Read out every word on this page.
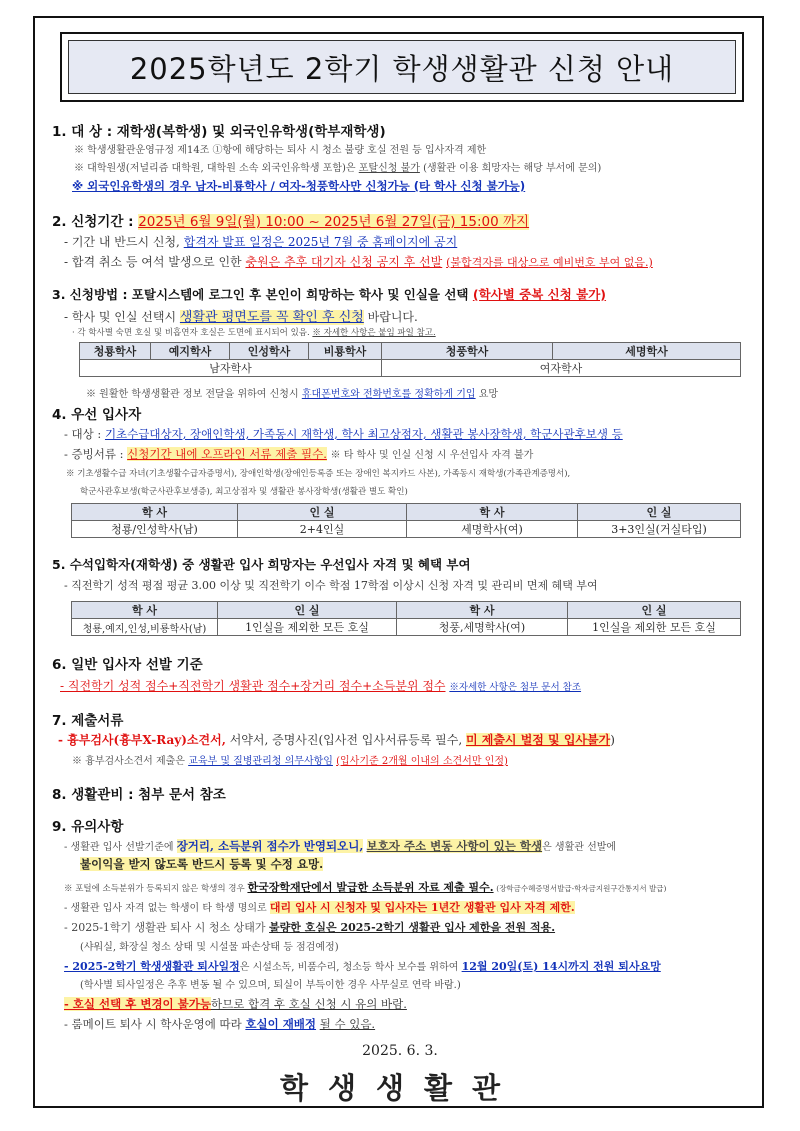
2025학년도 2학기 학생생활관 신청 안내
1. 대 상 : 재학생(복학생) 및 외국인유학생(학부재학생)
※ 학생생활관운영규정 제14조 ①항에 해당하는 퇴사 시 청소 불량 호실 전원 등 입사자격 제한
※ 대학원생(저널리즘 대학원, 대학원 소속 외국인유학생 포함)은 포탈신청 불가 (생활관 이용 희망자는 해당 부서에 문의)
※ 외국인유학생의 경우 남자-비룡학사 / 여자-청풍학사만 신청가능 (타 학사 신청 불가능)
2. 신청기간 : 2025년 6월 9일(월) 10:00 ~ 2025년 6월 27일(금) 15:00 까지
- 기간 내 반드시 신청, 합격자 발표 일정은 2025년 7월 중 홈페이지에 공지
- 합격 취소 등 여석 발생으로 인한 충원은 추후 대기자 신청 공지 후 선발 (불합격자를 대상으로 예비번호 부여 없음.)
3. 신청방법 : 포탈시스템에 로그인 후 본인이 희망하는 학사 및 인실을 선택 (학사별 중복 신청 불가)
- 학사 및 인실 선택시 생활관 평면도를 꼭 확인 후 신청 바랍니다.
· 각 학사별 숙면 호실 및 비흡연자 호실은 도면에 표시되어 있음. ※ 자세한 사항은 붙임 파일 참고.
청룡학사	예지학사	인성학사	비룡학사	청풍학사	세명학사
남자학사				여자학사	
※ 원활한 학생생활관 정보 전달을 위하여 신청시 휴대폰번호와 전화번호를 정확하게 기입 요망
4. 우선 입사자
- 대상 : 기초수급대상자, 장애인학생, 가족동시 재학생, 학사 최고상점자, 생활관 봉사장학생, 학군사관후보생 등
- 증빙서류 : 신청기간 내에 오프라인 서류 제출 필수. ※ 타 학사 및 인실 신청 시 우선입사 자격 불가
※ 기초생활수급 자녀(기초생활수급자증명서), 장애인학생(장애인등록증 또는 장애인 복지카드 사본), 가족동시 재학생(가족관계증명서),
학군사관후보생(학군사관후보생증), 최고상점자 및 생활관 봉사장학생(생활관 별도 확인)
학 사	인 실	학 사	인 실
청룡/인성학사(남)	2+4인실	세명학사(여)	3+3인실(거실타입)
5. 수석입학자(재학생) 중 생활관 입사 희망자는 우선입사 자격 및 혜택 부여
- 직전학기 성적 평점 평균 3.00 이상 및 직전학기 이수 학점 17학점 이상시 신청 자격 및 관리비 면제 혜택 부여
학 사	인 실	학 사	인 실
청룡,예지,인성,비룡학사(남)	1인실을 제외한 모든 호실	청풍,세명학사(여)	1인실을 제외한 모든 호실
6. 일반 입사자 선발 기준
- 직전학기 성적 점수+직전학기 생활관 점수+장거리 점수+소득분위 점수 ※자세한 사항은 첨부 문서 참조
7. 제출서류
- 흉부검사(흉부X-Ray)소견서, 서약서, 증명사진(입사전 입사서류등록 필수, 미 제출시 벌점 및 입사불가)
※ 흉부검사소견서 제출은 교육부 및 질병관리청 의무사항임 (입사기준 2개월 이내의 소견서만 인정)
8. 생활관비 : 첨부 문서 참조
9. 유의사항
- 생활관 입사 선발기준에 장거리, 소득분위 점수가 반영되오니, 보호자 주소 변동 사항이 있는 학생은 생활관 선발에
불이익을 받지 않도록 반드시 등록 및 수정 요망.
※ 포털에 소득분위가 등록되지 않은 학생의 경우 한국장학재단에서 발급한 소득분위 자료 제출 필수. (장학금수혜증명서발급-학자금지원구간통지서 발급)
- 생활관 입사 자격 없는 학생이 타 학생 명의로 대리 입사 시 신청자 및 입사자는 1년간 생활관 입사 자격 제한.
- 2025-1학기 생활관 퇴사 시 청소 상태가 불량한 호실은 2025-2학기 생활관 입사 제한을 전원 적용.
(샤워실, 화장실 청소 상태 및 시설물 파손상태 등 점검예정)
- 2025-2학기 학생생활관 퇴사일정은 시설소독, 비품수리, 청소등 학사 보수를 위하여 12월 20일(토) 14시까지 전원 퇴사요망
(학사별 퇴사일정은 추후 변동 될 수 있으며, 퇴실이 부득이한 경우 사무실로 연락 바람.)
- 호실 선택 후 변경이 불가능하므로 합격 후 호실 신청 시 유의 바람.
- 룸메이트 퇴사 시 학사운영에 따라 호실이 재배정 될 수 있음.
2025. 6. 3.
학생생활관
